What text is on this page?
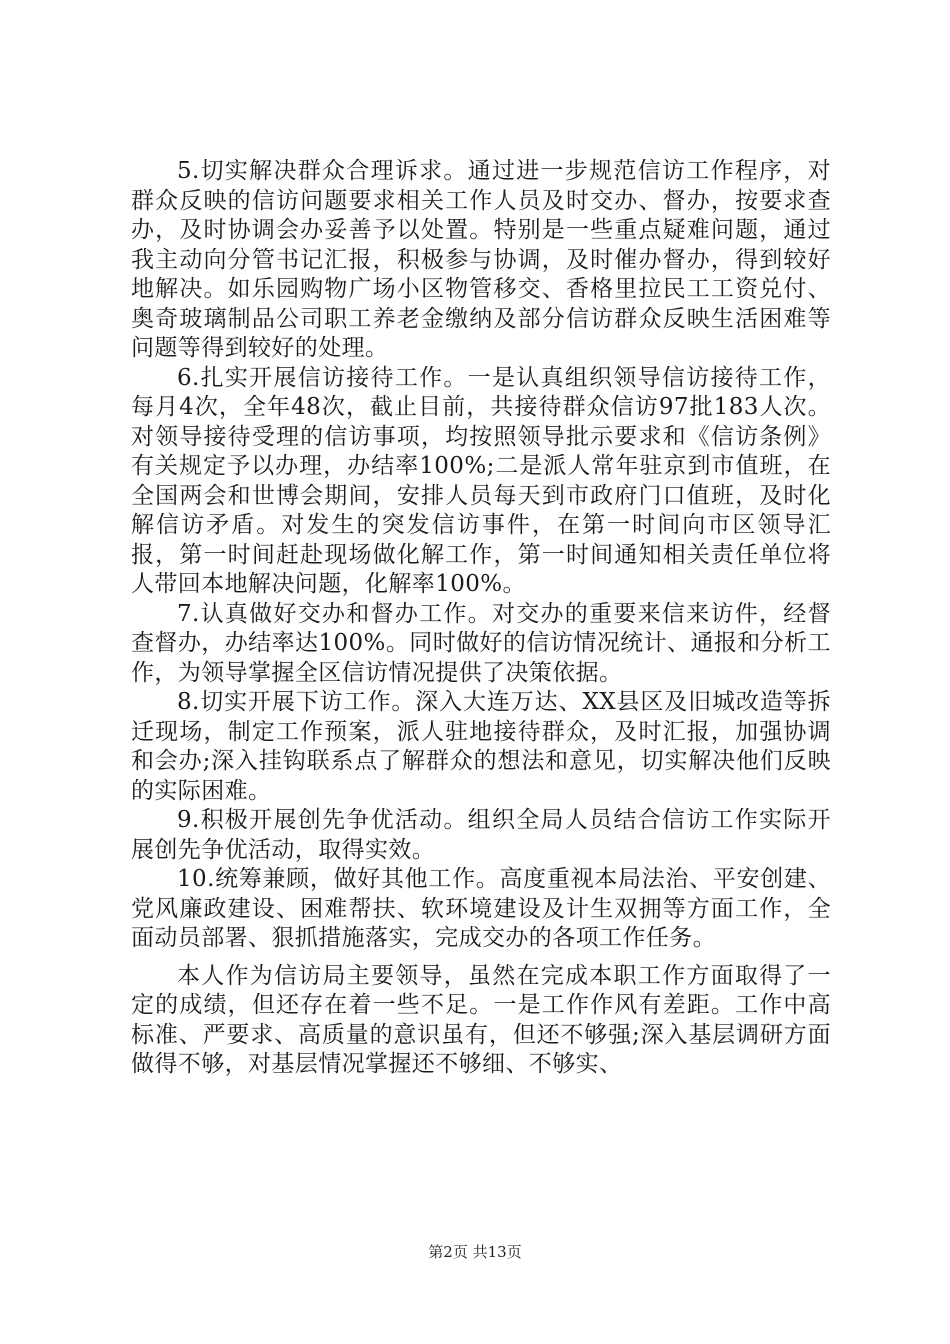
5.切实解决群众合理诉求。通过进一步规范信访工作程序，对群众反映的信访问题要求相关工作人员及时交办、督办，按要求查办，及时协调会办妥善予以处置。特别是一些重点疑难问题，通过我主动向分管书记汇报，积极参与协调，及时催办督办，得到较好地解决。如乐园购物广场小区物管移交、香格里拉民工工资兑付、奥奇玻璃制品公司职工养老金缴纳及部分信访群众反映生活困难等问题等得到较好的处理。

6.扎实开展信访接待工作。一是认真组织领导信访接待工作，每月4次，全年48次，截止目前，共接待群众信访97批183人次。对领导接待受理的信访事项，均按照领导批示要求和《信访条例》有关规定予以办理，办结率100%;二是派人常年驻京到市值班，在全国两会和世博会期间，安排人员每天到市政府门口值班，及时化解信访矛盾。对发生的突发信访事件，在第一时间向市区领导汇报，第一时间赶赴现场做化解工作，第一时间通知相关责任单位将人带回本地解决问题，化解率100%。

7.认真做好交办和督办工作。对交办的重要来信来访件，经督查督办，办结率达100%。同时做好的信访情况统计、通报和分析工作，为领导掌握全区信访情况提供了决策依据。

8.切实开展下访工作。深入大连万达、XX县区及旧城改造等拆迁现场，制定工作预案，派人驻地接待群众，及时汇报，加强协调和会办;深入挂钩联系点了解群众的想法和意见，切实解决他们反映的实际困难。

9.积极开展创先争优活动。组织全局人员结合信访工作实际开展创先争优活动，取得实效。

10.统筹兼顾，做好其他工作。高度重视本局法治、平安创建、党风廉政建设、困难帮扶、软环境建设及计生双拥等方面工作，全面动员部署、狠抓措施落实，完成交办的各项工作任务。

本人作为信访局主要领导，虽然在完成本职工作方面取得了一定的成绩，但还存在着一些不足。一是工作作风有差距。工作中高标准、严要求、高质量的意识虽有，但还不够强;深入基层调研方面做得不够，对基层情况掌握还不够细、不够实、

第2页 共13页
